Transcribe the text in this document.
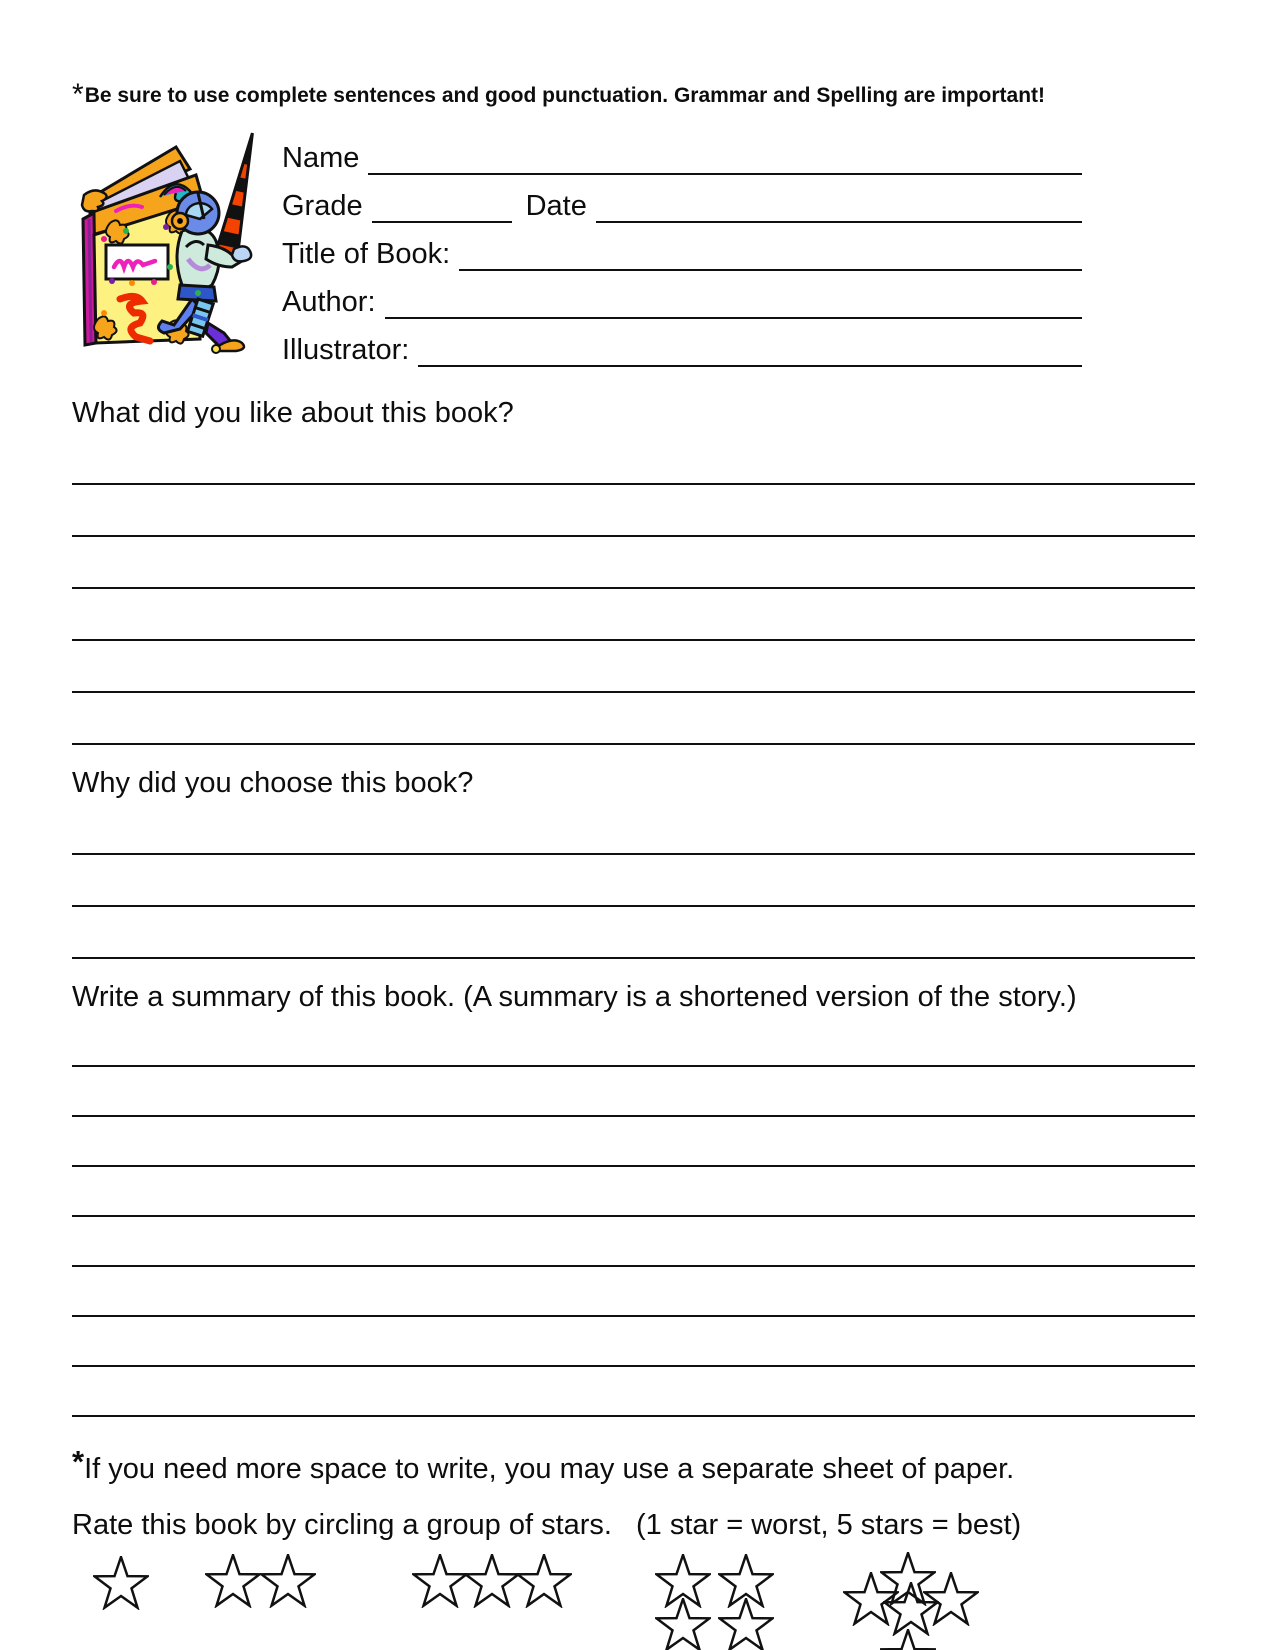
*Be sure to use complete sentences and good punctuation. Grammar and Spelling are important!
Name
Grade	Date
Title of Book:
Author:
Illustrator:
What did you like about this book?
Why did you choose this book?
Write a summary of this book. (A summary is a shortened version of the story.)
*If you need more space to write, you may use a separate sheet of paper.
Rate this book by circling a group of stars. (1 star = worst, 5 stars = best)
